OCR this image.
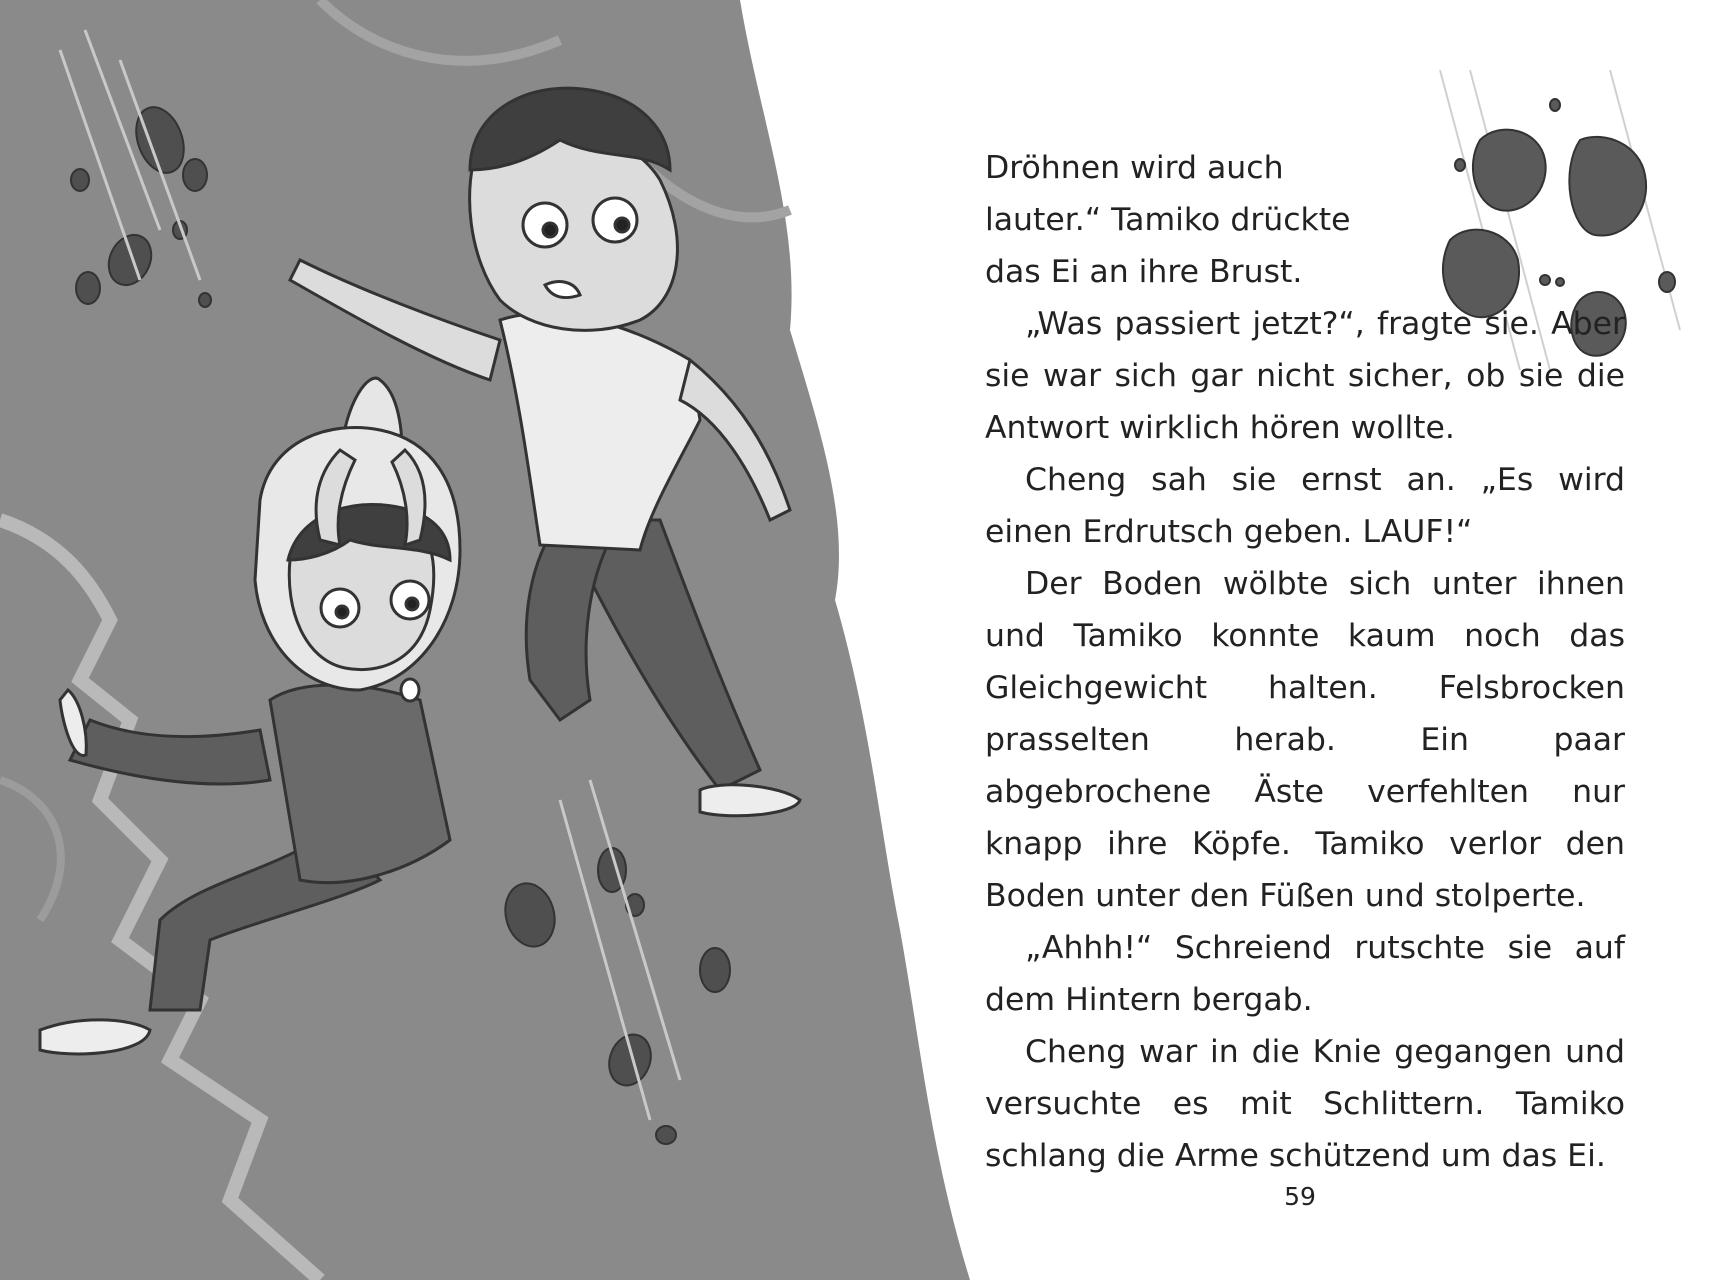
Dröhnen wird auch lauter.“ Tamiko drückte das Ei an ihre Brust.

„Was passiert jetzt?“, fragte sie. Aber sie war sich gar nicht sicher, ob sie die Antwort wirklich hören wollte.

Cheng sah sie ernst an. „Es wird einen Erdrutsch geben. LAUF!“

Der Boden wölbte sich unter ihnen und Tamiko konnte kaum noch das Gleichgewicht halten. Felsbrocken prasselten herab. Ein paar abgebrochene Äste verfehlten nur knapp ihre Köpfe. Tamiko verlor den Boden unter den Füßen und stolperte.

„Ahhh!“ Schreiend rutschte sie auf dem Hintern bergab.

Cheng war in die Knie gegangen und versuchte es mit Schlittern. Tamiko schlang die Arme schützend um das Ei.

59
